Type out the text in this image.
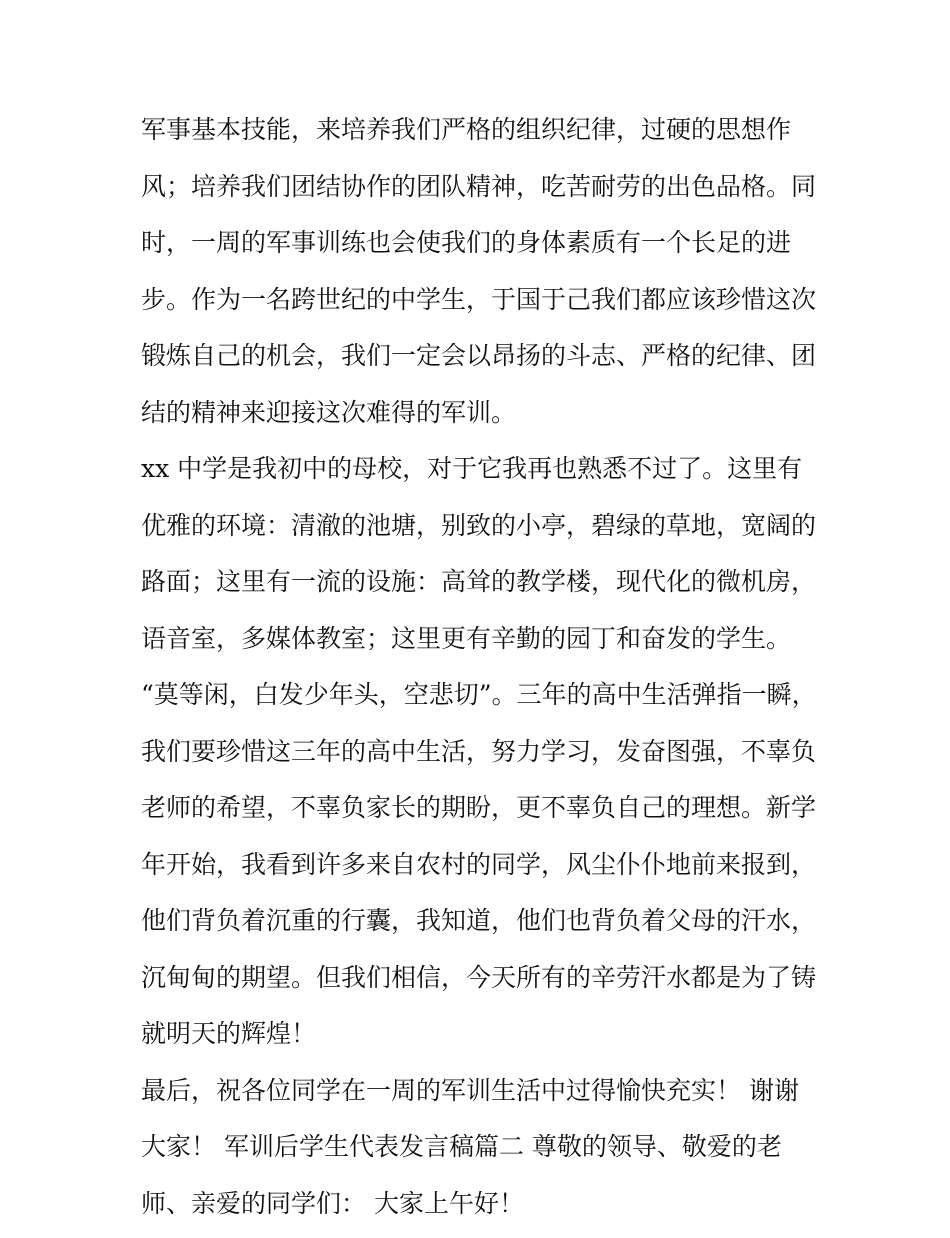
军事基本技能，来培养我们严格的组织纪律，过硬的思想作
风；培养我们团结协作的团队精神，吃苦耐劳的出色品格。同
时，一周的军事训练也会使我们的身体素质有一个长足的进
步。作为一名跨世纪的中学生，于国于己我们都应该珍惜这次
锻炼自己的机会，我们一定会以昂扬的斗志、严格的纪律、团
结的精神来迎接这次难得的军训。
xx 中学是我初中的母校，对于它我再也熟悉不过了。这里有
优雅的环境：清澈的池塘，别致的小亭，碧绿的草地，宽阔的
路面；这里有一流的设施：高耸的教学楼，现代化的微机房，
语音室，多媒体教室；这里更有辛勤的园丁和奋发的学生。
“莫等闲，白发少年头，空悲切”。三年的高中生活弹指一瞬，
我们要珍惜这三年的高中生活，努力学习，发奋图强，不辜负
老师的希望，不辜负家长的期盼，更不辜负自己的理想。新学
年开始，我看到许多来自农村的同学，风尘仆仆地前来报到，
他们背负着沉重的行囊，我知道，他们也背负着父母的汗水，
沉甸甸的期望。但我们相信，今天所有的辛劳汗水都是为了铸
就明天的辉煌！
最后，祝各位同学在一周的军训生活中过得愉快充实！ 谢谢
大家！ 军训后学生代表发言稿篇二 尊敬的领导、敬爱的老
师、亲爱的同学们： 大家上午好！
